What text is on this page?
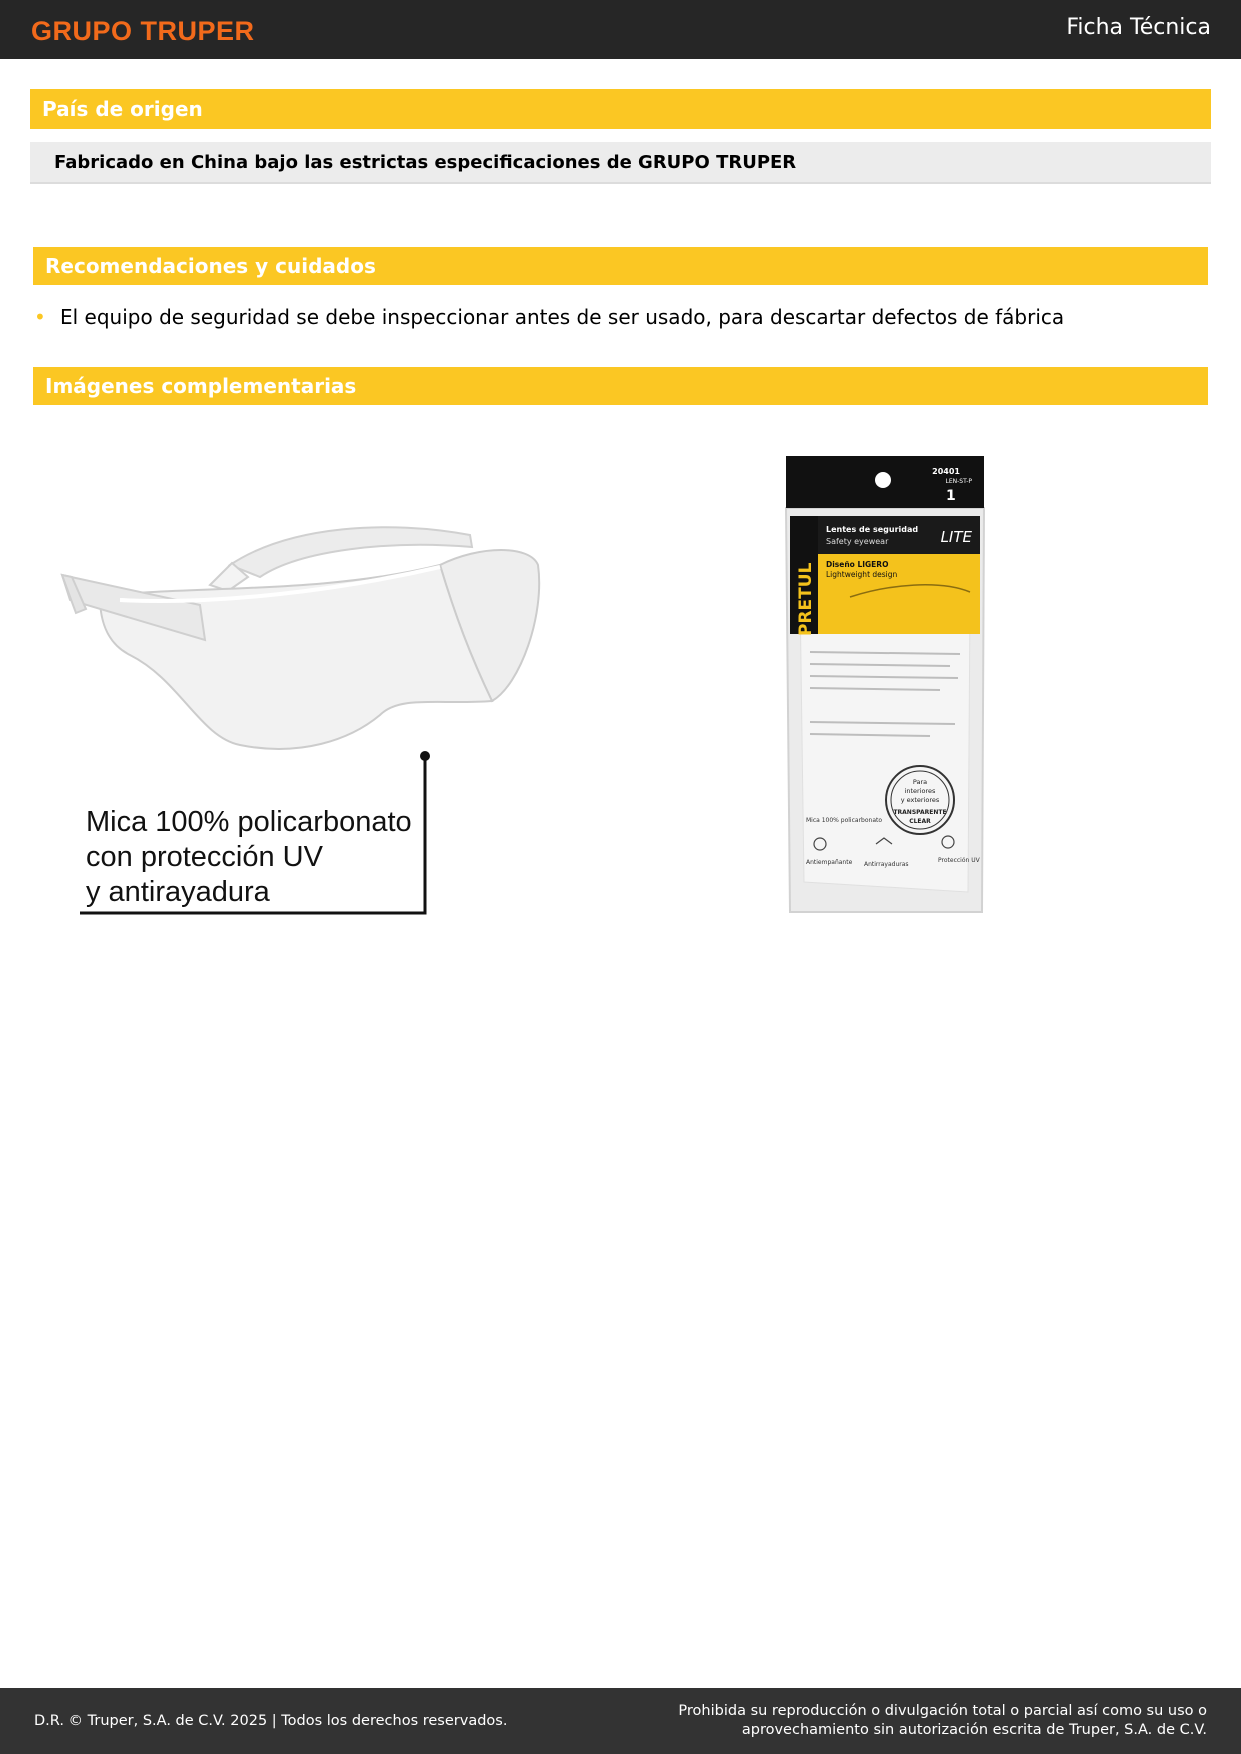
GRUPO TRUPER	Ficha Técnica
País de origen
Fabricado en China bajo las estrictas especificaciones de GRUPO TRUPER
Recomendaciones y cuidados
• El equipo de seguridad se debe inspeccionar antes de ser usado, para descartar defectos de fábrica
Imágenes complementarias
Mica 100% policarbonato
con protección UV
y antirayadura
20401
LEN-ST-P
1
PRETUL
Lentes de seguridad
Safety eyewear	LITE
Diseño LIGERO
Lightweight design
Para
interiores
y exteriores
TRANSPARENTE
CLEAR
Mica 100% policarbonato
Antiempañante Antirrayaduras
Protección UV
D.R. © Truper, S.A. de C.V. 2025 | Todos los derechos reservados.
Prohibida su reproducción o divulgación total o parcial así como su uso o
aprovechamiento sin autorización escrita de Truper, S.A. de C.V.
